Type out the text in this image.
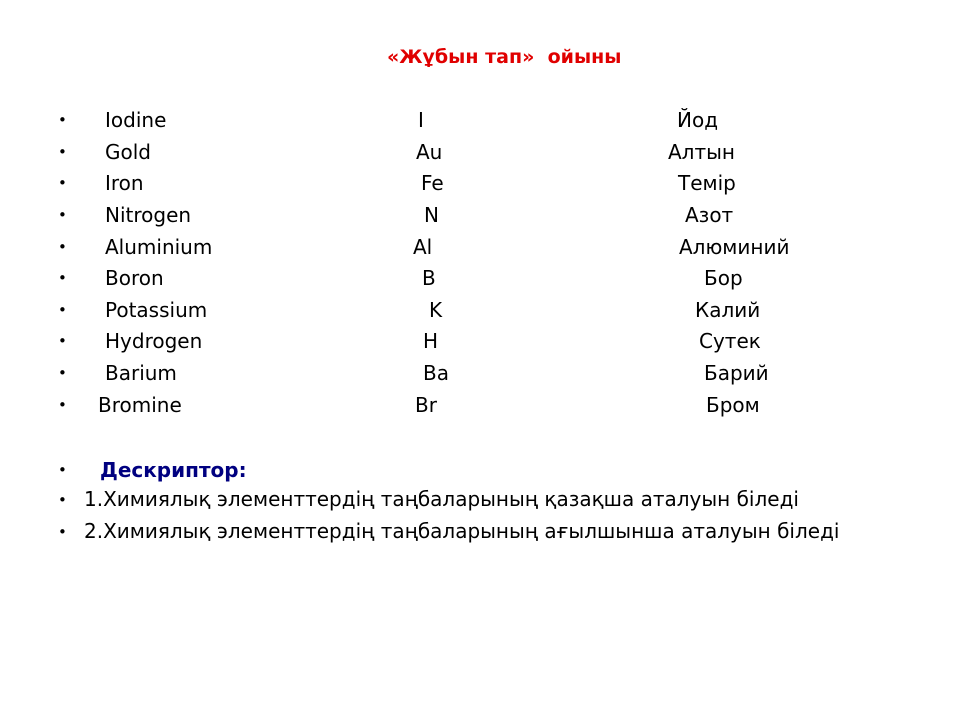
«Жұбын тап»  ойыны
• Iodine	I	Йод
• Gold	Au	Алтын
• Iron	Fe	Темір
• Nitrogen	N	Азот
• Aluminium	Al	Алюминий
• Boron	B	Бор
• Potassium	K	Калий
• Hydrogen	H	Сутек
• Barium	Ba	Барий
• Bromine	Br	Бром
• Дескриптор:
• 1.Химиялық элементтердің таңбаларының қазақша аталуын біледі
• 2.Химиялық элементтердің таңбаларының ағылшынша аталуын біледі
